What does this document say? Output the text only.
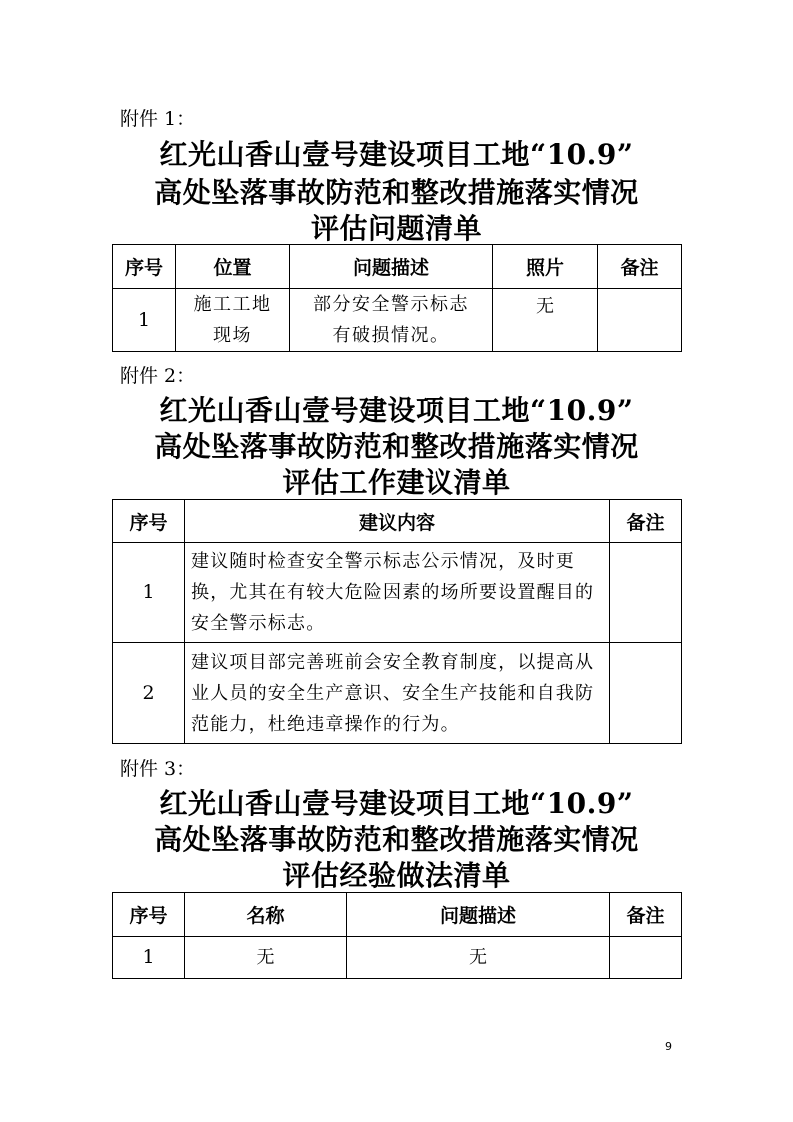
附件 1：
红光山香山壹号建设项目工地“10.9”
高处坠落事故防范和整改措施落实情况
评估问题清单
序号	位置	问题描述	照片	备注
1	施工工地现场	部分安全警示标志有破损情况。	无	
附件 2：
红光山香山壹号建设项目工地“10.9”
高处坠落事故防范和整改措施落实情况
评估工作建议清单
序号	建议内容	备注
1	建议随时检查安全警示标志公示情况，及时更换，尤其在有较大危险因素的场所要设置醒目的安全警示标志。	
2	建议项目部完善班前会安全教育制度，以提高从业人员的安全生产意识、安全生产技能和自我防范能力，杜绝违章操作的行为。	
附件 3：
红光山香山壹号建设项目工地“10.9”
高处坠落事故防范和整改措施落实情况
评估经验做法清单
序号	名称	问题描述	备注
1	无	无	
9
